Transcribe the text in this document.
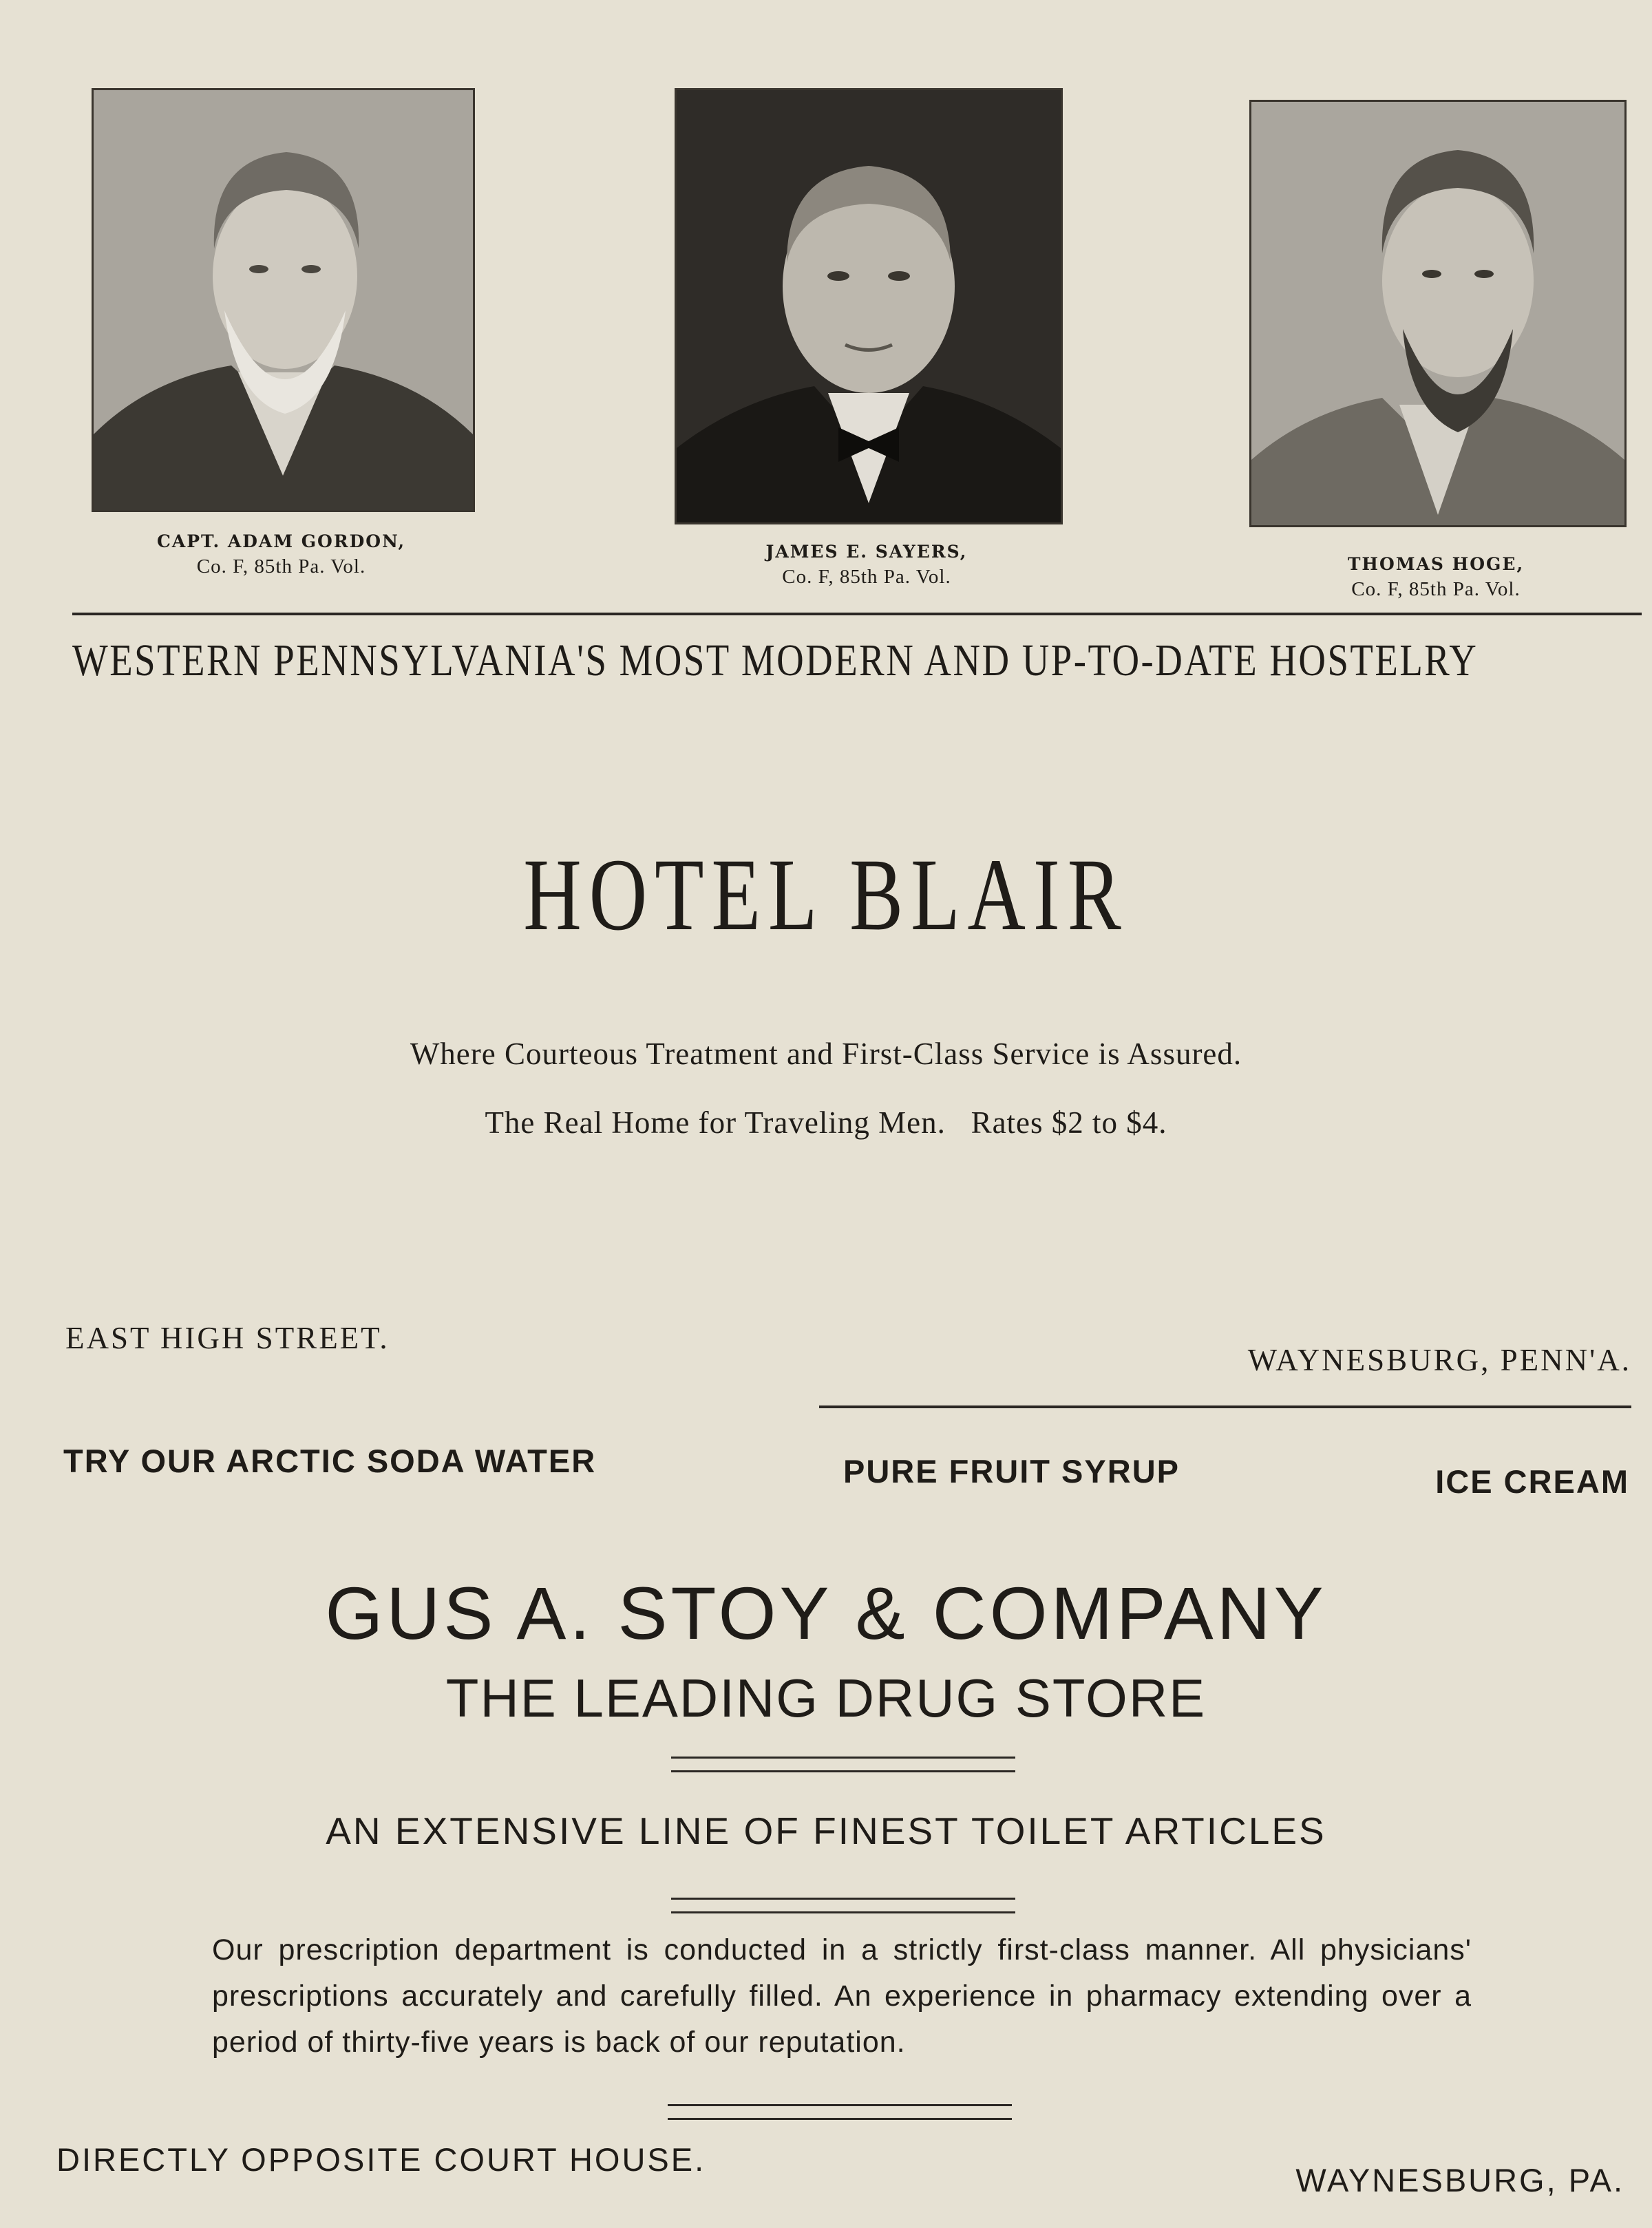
CAPT. ADAM GORDON,
Co. F, 85th Pa. Vol.
JAMES E. SAYERS,
Co. F, 85th Pa. Vol.
THOMAS HOGE,
Co. F, 85th Pa. Vol.
WESTERN PENNSYLVANIA'S MOST MODERN AND UP-TO-DATE HOSTELRY
HOTEL BLAIR
Where Courteous Treatment and First-Class Service is Assured.
The Real Home for Traveling Men.   Rates $2 to $4.
EAST HIGH STREET.
WAYNESBURG, PENN'A.
TRY OUR ARCTIC SODA WATER	PURE FRUIT SYRUP	ICE CREAM
GUS A. STOY & COMPANY
THE LEADING DRUG STORE
AN EXTENSIVE LINE OF FINEST TOILET ARTICLES
Our prescription department is conducted in a strictly first-class manner. All physicians' prescriptions accurately and carefully filled. An experience in pharmacy extending over a period of thirty-five years is back of our reputation.
DIRECTLY OPPOSITE COURT HOUSE.
WAYNESBURG, PA.
